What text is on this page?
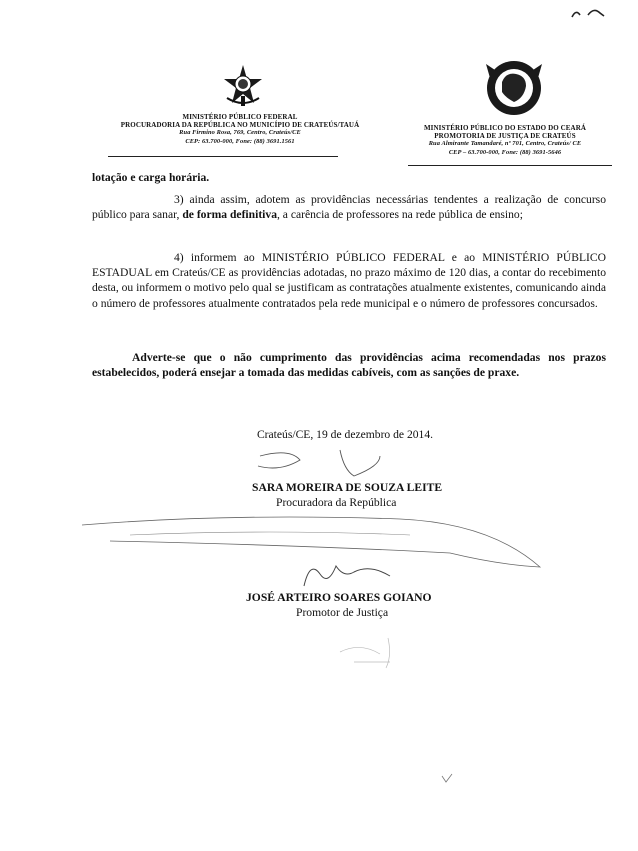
MINISTÉRIO PÚBLICO FEDERAL
PROCURADORIA DA REPÚBLICA NO MUNICÍPIO DE CRATEÚS/TAUÁ
Rua Firmino Rosa, 769, Centro, Crateús/CE
CEP: 63.700-000, Fone: (88) 3691.1561
MINISTÉRIO PÚBLICO DO ESTADO DO CEARÁ
PROMOTORIA DE JUSTIÇA DE CRATEÚS
Rua Almirante Tamandaré, nº 701, Centro, Crateús/ CE
CEP – 63.700-000, Fone: (88) 3691-5646
lotação e carga horária.
3) ainda assim, adotem as providências necessárias tendentes a realização de concurso público para sanar, de forma definitiva, a carência de professores na rede pública de ensino;
4) informem ao MINISTÉRIO PÚBLICO FEDERAL e ao MINISTÉRIO PÚBLICO ESTADUAL em Crateús/CE as providências adotadas, no prazo máximo de 120 dias, a contar do recebimento desta, ou informem o motivo pelo qual se justificam as contratações atualmente existentes, comunicando ainda o número de professores atualmente contratados pela rede municipal e o número de professores concursados.
Adverte-se que o não cumprimento das providências acima recomendadas nos prazos estabelecidos, poderá ensejar a tomada das medidas cabíveis, com as sanções de praxe.
Crateús/CE, 19 de dezembro de 2014.
SARA MOREIRA DE SOUZA LEITE
Procuradora da República
JOSÉ ARTEIRO SOARES GOIANO
Promotor de Justiça
